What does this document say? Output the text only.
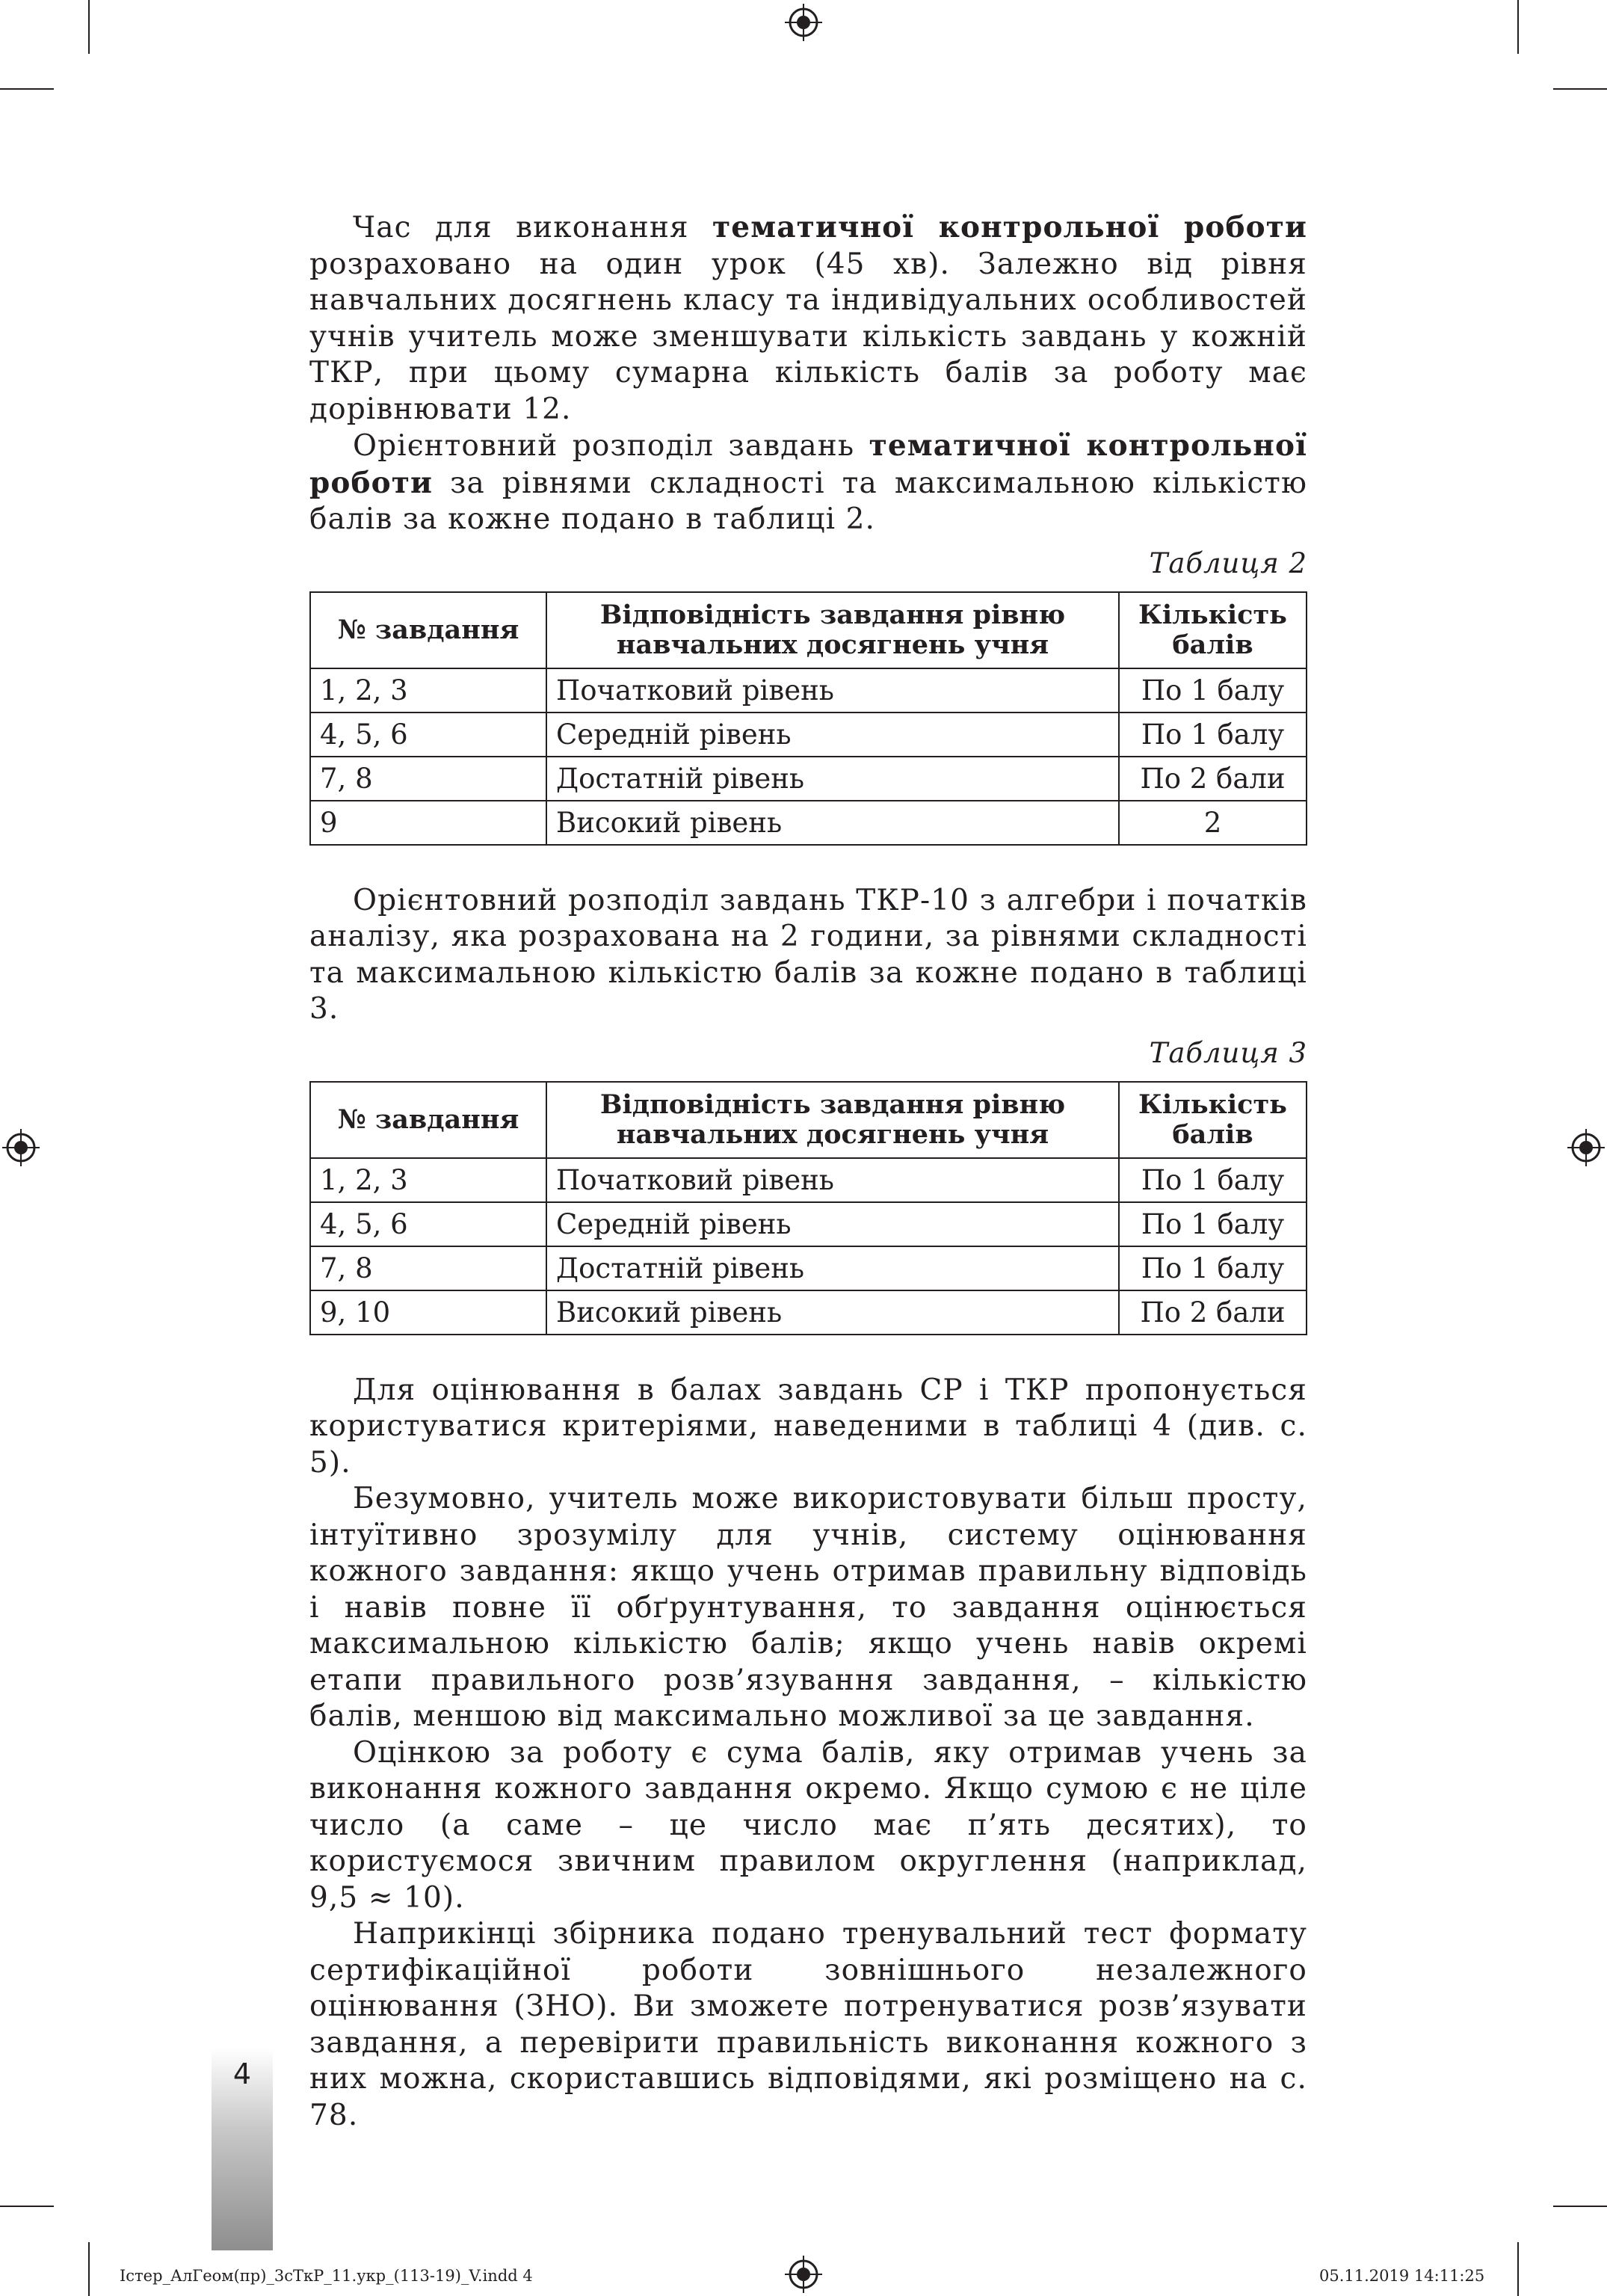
Час для виконання тематичної контрольної роботи розраховано на один урок (45 хв). Залежно від рівня навчальних досягнень класу та індивідуальних особливостей учнів учитель може зменшувати кількість завдань у кожній ТКР, при цьому сумарна кількість балів за роботу має дорівнювати 12.

Орієнтовний розподіл завдань тематичної контрольної роботи за рівнями складності та максимальною кількістю балів за кожне подано в таблиці 2.

Таблиця 2
№ завдання	Відповідність завдання рівню навчальних досягнень учня	Кількість балів
1, 2, 3	Початковий рівень	По 1 балу
4, 5, 6	Середній рівень	По 1 балу
7, 8	Достатній рівень	По 2 бали
9	Високий рівень	2

Орієнтовний розподіл завдань ТКР-10 з алгебри і початків аналізу, яка розрахована на 2 години, за рівнями складності та максимальною кількістю балів за кожне подано в таблиці 3.

Таблиця 3
№ завдання	Відповідність завдання рівню навчальних досягнень учня	Кількість балів
1, 2, 3	Початковий рівень	По 1 балу
4, 5, 6	Середній рівень	По 1 балу
7, 8	Достатній рівень	По 1 балу
9, 10	Високий рівень	По 2 бали

Для оцінювання в балах завдань СР і ТКР пропонується користуватися критеріями, наведеними в таблиці 4 (див. с. 5).

Безумовно, учитель може використовувати більш просту, інтуїтивно зрозумілу для учнів, систему оцінювання кожного завдання: якщо учень отримав правильну відповідь і навів повне її обґрунтування, то завдання оцінюється максимальною кількістю балів; якщо учень навів окремі етапи правильного розв’язування завдання, – кількістю балів, меншою від максимально можливої за це завдання.

Оцінкою за роботу є сума балів, яку отримав учень за виконання кожного завдання окремо. Якщо сумою є не ціле число (а саме – це число має п’ять десятих), то користуємося звичним правилом округлення (наприклад, 9,5 ≈ 10).

Наприкінці збірника подано тренувальний тест формату сертифікаційної роботи зовнішнього незалежного оцінювання (ЗНО). Ви зможете потренуватися розв’язувати завдання, а перевірити правильність виконання кожного з них можна, скориставшись відповідями, які розміщено на с. 78.

4
Істер_АлГеом(пр)_3сТкР_11.укр_(113-19)_V.indd 4	05.11.2019 14:11:25
